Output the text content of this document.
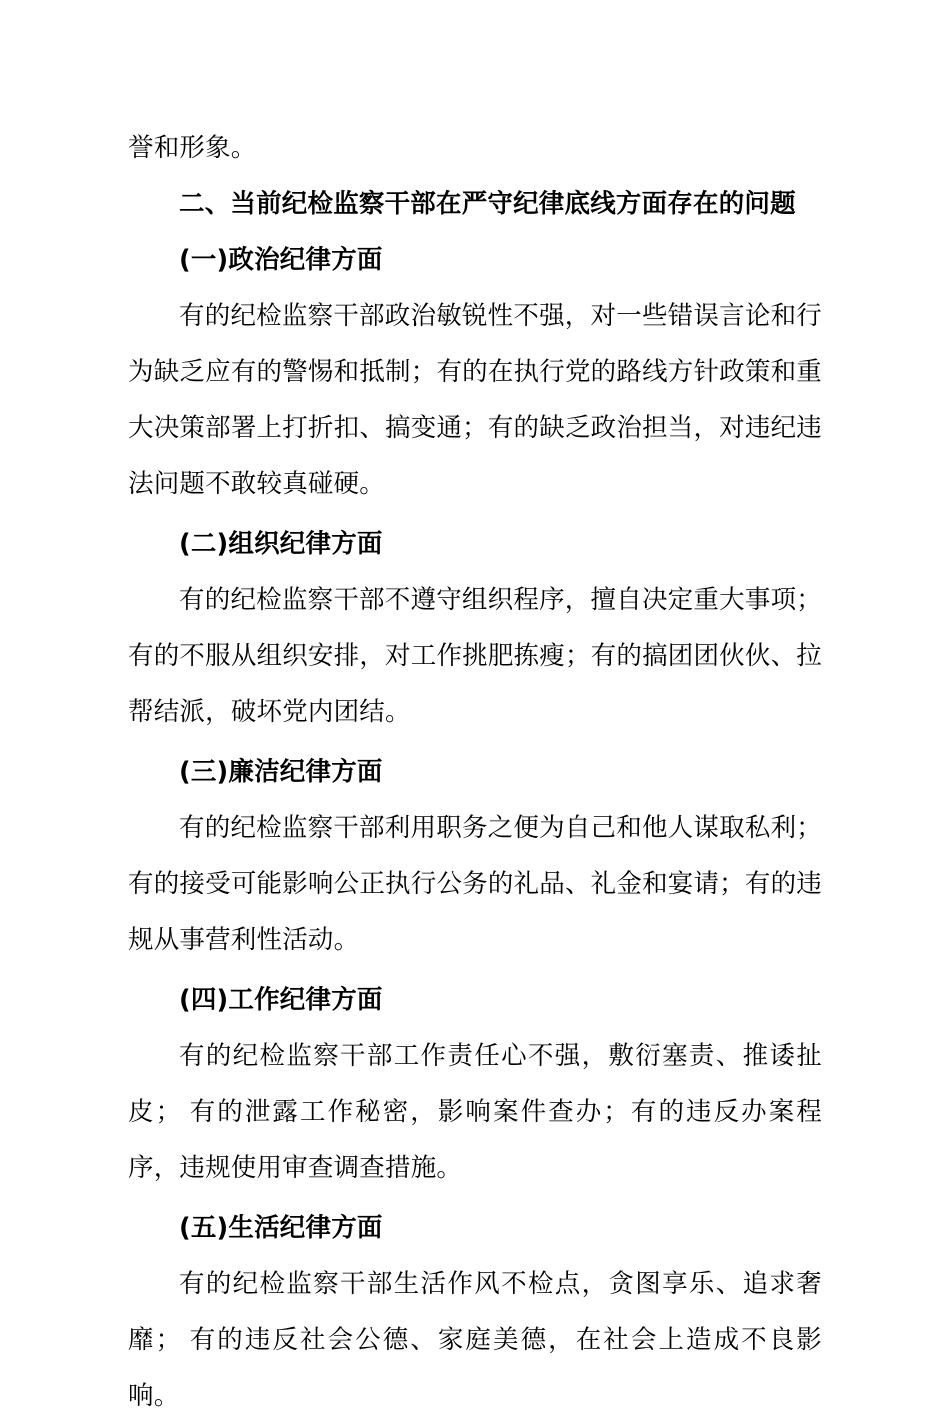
誉和形象。

二、当前纪检监察干部在严守纪律底线方面存在的问题

(一)政治纪律方面

有的纪检监察干部政治敏锐性不强，对一些错误言论和行为缺乏应有的警惕和抵制；有的在执行党的路线方针政策和重大决策部署上打折扣、搞变通；有的缺乏政治担当，对违纪违法问题不敢较真碰硬。

(二)组织纪律方面

有的纪检监察干部不遵守组织程序，擅自决定重大事项； 有的不服从组织安排，对工作挑肥拣瘦；有的搞团团伙伙、拉帮结派，破坏党内团结。

(三)廉洁纪律方面

有的纪检监察干部利用职务之便为自己和他人谋取私利； 有的接受可能影响公正执行公务的礼品、礼金和宴请；有的违规从事营利性活动。

(四)工作纪律方面

有的纪检监察干部工作责任心不强，敷衍塞责、推诿扯皮； 有的泄露工作秘密，影响案件查办；有的违反办案程序，违规使用审查调查措施。

(五)生活纪律方面

有的纪检监察干部生活作风不检点，贪图享乐、追求奢靡； 有的违反社会公德、家庭美德，在社会上造成不良影响。
